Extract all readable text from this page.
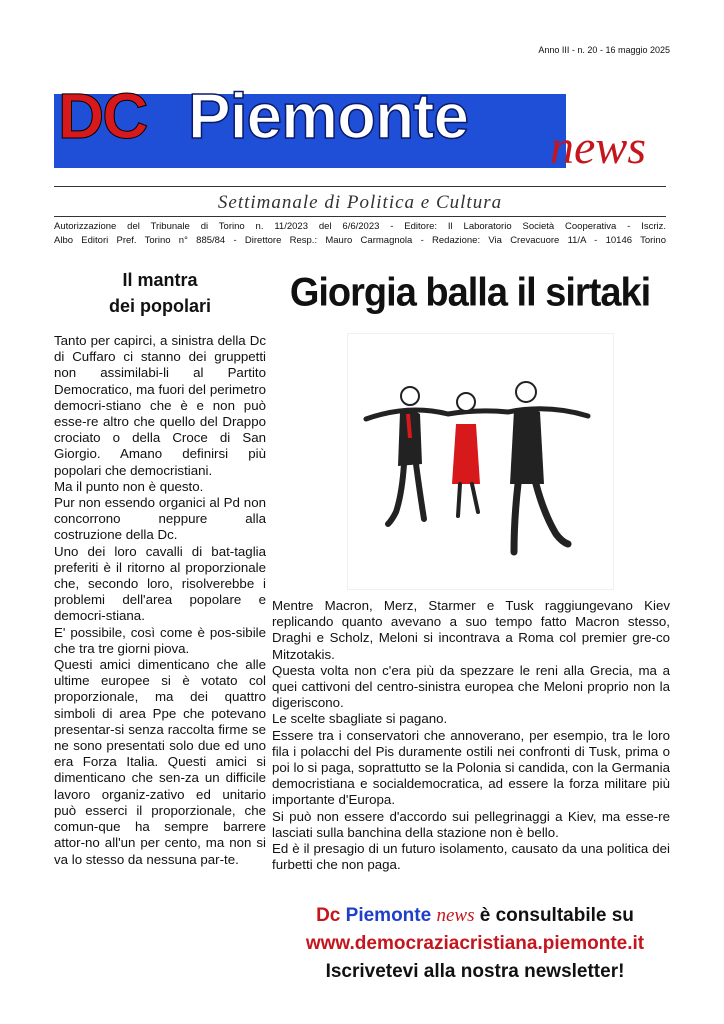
Anno III - n. 20 - 16 maggio 2025
DC Piemonte news
Settimanale di Politica e Cultura
Autorizzazione del Tribunale di Torino n. 11/2023 del 6/6/2023 - Editore: Il Laboratorio Società Cooperativa - Iscriz.
Albo Editori Pref. Torino n° 885/84 - Direttore Resp.: Mauro Carmagnola - Redazione: Via Crevacuore 11/A - 10146 Torino
Il mantra
dei popolari

Tanto per capirci, a sinistra della Dc di Cuffaro ci stanno dei gruppetti non assimilabi-li al Partito Democratico, ma fuori del perimetro democri-stiano che è e non può esse-re altro che quello del Drappo crociato o della Croce di San Giorgio. Amano definirsi più popolari che democristiani.

Ma il punto non è questo.

Pur non essendo organici al Pd non concorrono neppure alla costruzione della Dc.

Uno dei loro cavalli di bat-taglia preferiti è il ritorno al proporzionale che, secondo loro, risolverebbe i problemi dell'area popolare e democri-stiana.

E' possibile, così come è pos-sibile che tra tre giorni piova.

Questi amici dimenticano che alle ultime europee si è votato col proporzionale, ma dei quattro simboli di area Ppe che potevano presentar-si senza raccolta firme se ne sono presentati solo due ed uno era Forza Italia. Questi amici si dimenticano che sen-za un difficile lavoro organiz-zativo ed unitario può esserci il proporzionale, che comun-que ha sempre barrere attor-no all'un per cento, ma non si va lo stesso da nessuna par-te.

Giorgia balla il sirtaki

Mentre Macron, Merz, Starmer e Tusk raggiungevano Kiev replicando quanto avevano a suo tempo fatto Macron stesso, Draghi e Scholz, Meloni si incontrava a Roma col premier gre-co Mitzotakis.

Questa volta non c'era più da spezzare le reni alla Grecia, ma a quei cattivoni del centro-sinistra europea che Meloni proprio non la digeriscono.

Le scelte sbagliate si pagano.

Essere tra i conservatori che annoverano, per esempio, tra le loro fila i polacchi del Pis duramente ostili nei confronti di Tusk, prima o poi lo si paga, soprattutto se la Polonia si candida, con la Germania democristiana e socialdemocratica, ad essere la forza militare più importante d'Europa.

Si può non essere d'accordo sui pellegrinaggi a Kiev, ma esse-re lasciati sulla banchina della stazione non è bello.

Ed è il presagio di un futuro isolamento, causato da una politica dei furbetti che non paga.

Dc Piemonte news è consultabile su
www.democraziacristiana.piemonte.it
Iscrivetevi alla nostra newsletter!
